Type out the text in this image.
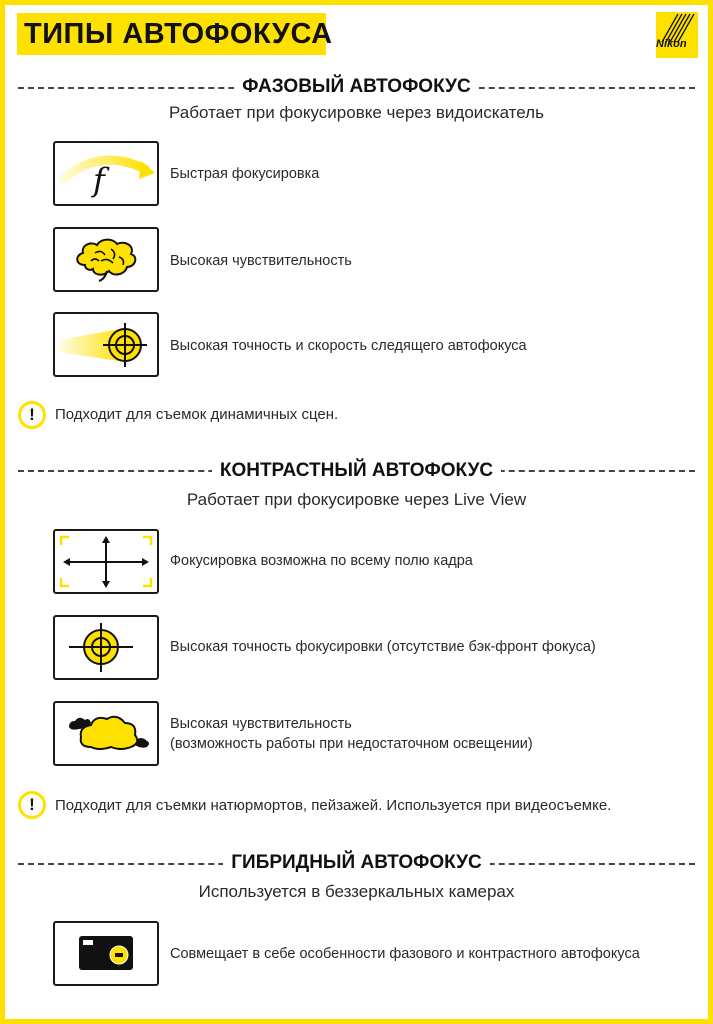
ТИПЫ АВТОФОКУСА	Nikon
ФАЗОВЫЙ АВТОФОКУС
Работает при фокусировке через видоискатель
f	Быстрая фокусировка
Высокая чувствительность
Высокая точность и скорость следящего автофокуса
!	Подходит для съемок динамичных сцен.
КОНТРАСТНЫЙ АВТОФОКУС
Работает при фокусировке через Live View
Фокусировка возможна по всему полю кадра
Высокая точность фокусировки (отсутствие бэк-фронт фокуса)
Высокая чувствительность
(возможность работы при недостаточном освещении)
!	Подходит для съемки натюрмортов, пейзажей. Используется при видеосъемке.
ГИБРИДНЫЙ АВТОФОКУС
Используется в беззеркальных камерах
Совмещает в себе особенности фазового и контрастного автофокуса
